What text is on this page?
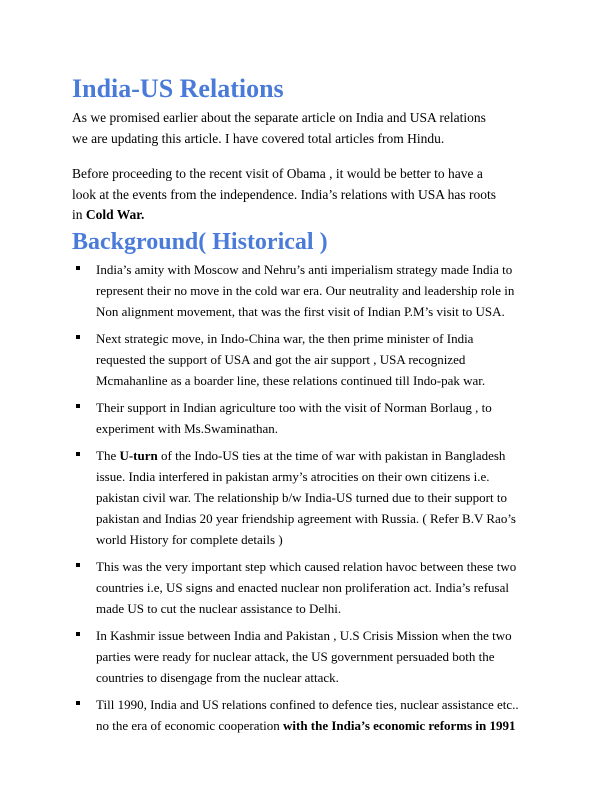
India-US Relations

As we promised earlier about the separate article on India and USA relations
we are updating this article. I have covered total articles from Hindu.

Before proceeding to the recent visit of Obama , it would be better to have a
look at the events from the independence. India’s relations with USA has roots
in Cold War.

Background( Historical )
India’s amity with Moscow and Nehru’s anti imperialism strategy made India to
represent their no move in the cold war era. Our neutrality and leadership role in
Non alignment movement, that was the first visit of Indian P.M’s visit to USA.
Next strategic move, in Indo-China war, the then prime minister of India
requested the support of USA and got the air support , USA recognized
Mcmahanline as a boarder line, these relations continued till Indo-pak war.
Their support in Indian agriculture too with the visit of Norman Borlaug , to
experiment with Ms.Swaminathan.
The U-turn of the Indo-US ties at the time of war with pakistan in Bangladesh
issue. India interfered in pakistan army’s atrocities on their own citizens i.e.
pakistan civil war. The relationship b/w India-US turned due to their support to
pakistan and Indias 20 year friendship agreement with Russia. ( Refer B.V Rao’s
world History for complete details )
This was the very important step which caused relation havoc between these two
countries i.e, US signs and enacted nuclear non proliferation act. India’s refusal
made US to cut the nuclear assistance to Delhi.
In Kashmir issue between India and Pakistan , U.S Crisis Mission when the two
parties were ready for nuclear attack, the US government persuaded both the
countries to disengage from the nuclear attack.
Till 1990, India and US relations confined to defence ties, nuclear assistance etc..
no the era of economic cooperation with the India’s economic reforms in 1991
